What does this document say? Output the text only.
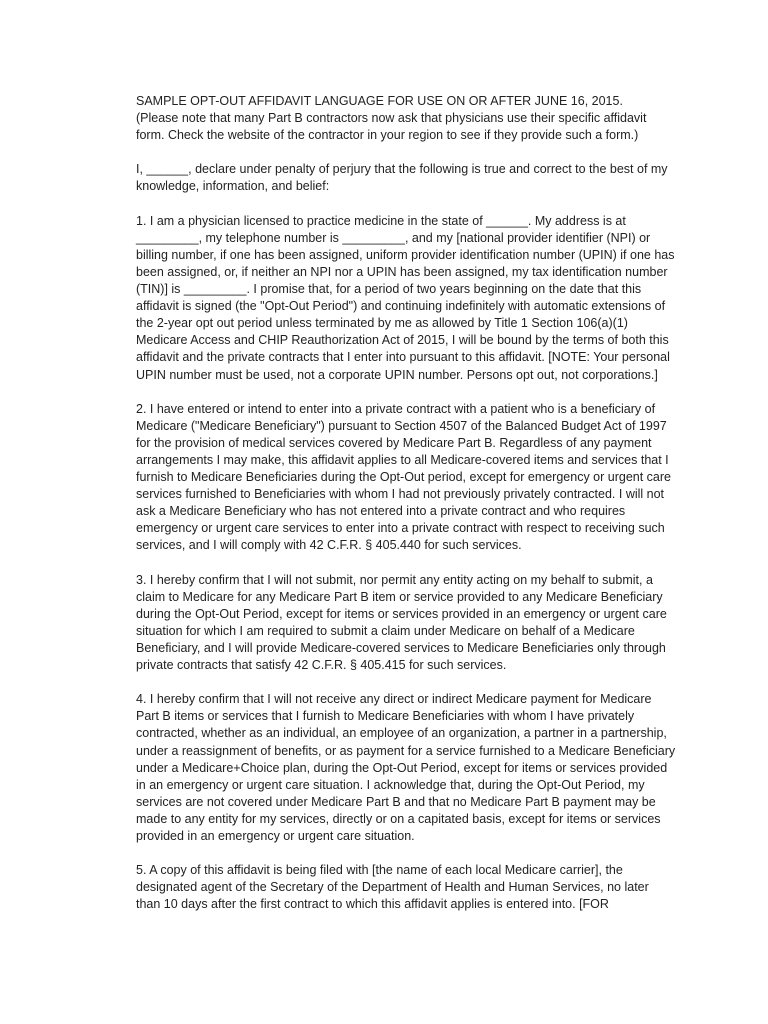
SAMPLE OPT-OUT AFFIDAVIT LANGUAGE FOR USE ON OR AFTER JUNE 16, 2015.
(Please note that many Part B contractors now ask that physicians use their specific affidavit
form. Check the website of the contractor in your region to see if they provide such a form.)

I, ______, declare under penalty of perjury that the following is true and correct to the best of my
knowledge, information, and belief:

1. I am a physician licensed to practice medicine in the state of ______. My address is at
_________, my telephone number is _________, and my [national provider identifier (NPI) or
billing number, if one has been assigned, uniform provider identification number (UPIN) if one has
been assigned, or, if neither an NPI nor a UPIN has been assigned, my tax identification number
(TIN)] is _________. I promise that, for a period of two years beginning on the date that this
affidavit is signed (the "Opt-Out Period") and continuing indefinitely with automatic extensions of
the 2-year opt out period unless terminated by me as allowed by Title 1 Section 106(a)(1)
Medicare Access and CHIP Reauthorization Act of 2015, I will be bound by the terms of both this
affidavit and the private contracts that I enter into pursuant to this affidavit. [NOTE: Your personal
UPIN number must be used, not a corporate UPIN number. Persons opt out, not corporations.]

2. I have entered or intend to enter into a private contract with a patient who is a beneficiary of
Medicare ("Medicare Beneficiary") pursuant to Section 4507 of the Balanced Budget Act of 1997
for the provision of medical services covered by Medicare Part B. Regardless of any payment
arrangements I may make, this affidavit applies to all Medicare-covered items and services that I
furnish to Medicare Beneficiaries during the Opt-Out period, except for emergency or urgent care
services furnished to Beneficiaries with whom I had not previously privately contracted. I will not
ask a Medicare Beneficiary who has not entered into a private contract and who requires
emergency or urgent care services to enter into a private contract with respect to receiving such
services, and I will comply with 42 C.F.R. § 405.440 for such services.

3. I hereby confirm that I will not submit, nor permit any entity acting on my behalf to submit, a
claim to Medicare for any Medicare Part B item or service provided to any Medicare Beneficiary
during the Opt-Out Period, except for items or services provided in an emergency or urgent care
situation for which I am required to submit a claim under Medicare on behalf of a Medicare
Beneficiary, and I will provide Medicare-covered services to Medicare Beneficiaries only through
private contracts that satisfy 42 C.F.R. § 405.415 for such services.

4. I hereby confirm that I will not receive any direct or indirect Medicare payment for Medicare
Part B items or services that I furnish to Medicare Beneficiaries with whom I have privately
contracted, whether as an individual, an employee of an organization, a partner in a partnership,
under a reassignment of benefits, or as payment for a service furnished to a Medicare Beneficiary
under a Medicare+Choice plan, during the Opt-Out Period, except for items or services provided
in an emergency or urgent care situation. I acknowledge that, during the Opt-Out Period, my
services are not covered under Medicare Part B and that no Medicare Part B payment may be
made to any entity for my services, directly or on a capitated basis, except for items or services
provided in an emergency or urgent care situation.

5. A copy of this affidavit is being filed with [the name of each local Medicare carrier], the
designated agent of the Secretary of the Department of Health and Human Services, no later
than 10 days after the first contract to which this affidavit applies is entered into. [FOR
